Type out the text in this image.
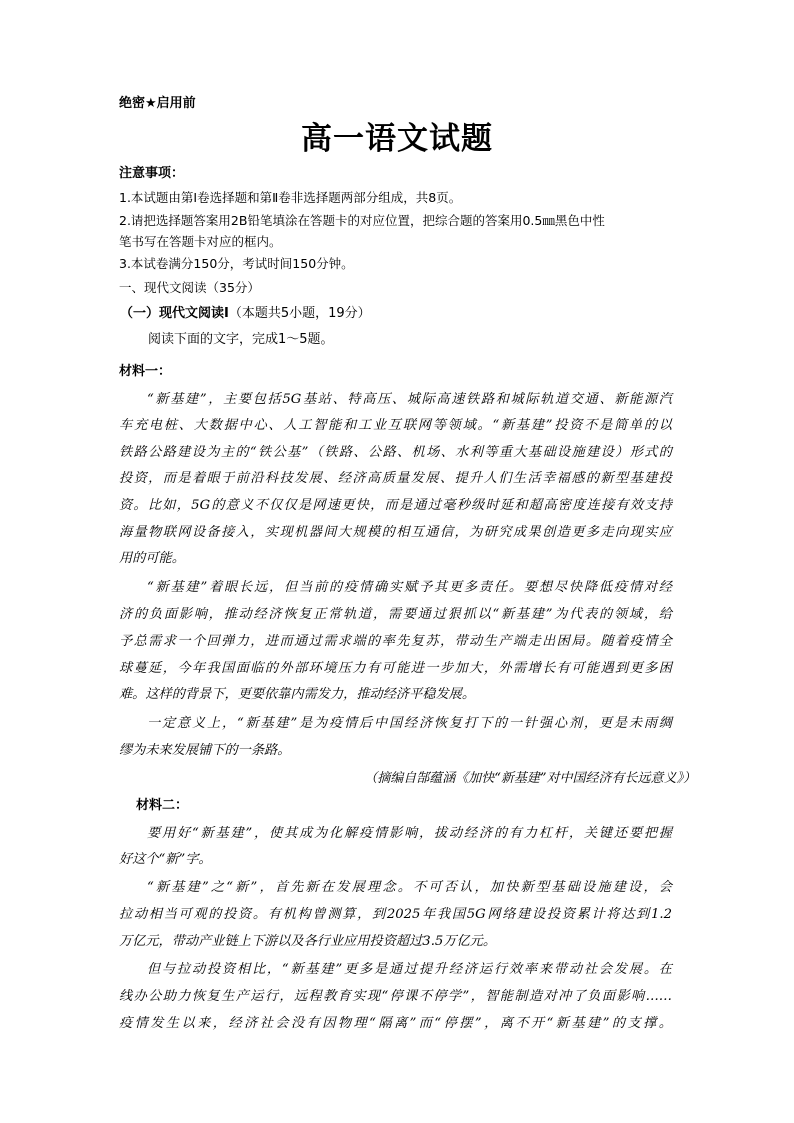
绝密★启用前
高一语文试题
注意事项：
1.本试题由第Ⅰ卷选择题和第Ⅱ卷非选择题两部分组成，共8页。
2.请把选择题答案用2B铅笔填涂在答题卡的对应位置，把综合题的答案用0.5㎜黑色中性
笔书写在答题卡对应的框内。
3.本试卷满分150分，考试时间150分钟。
一、现代文阅读（35分）
（一）现代文阅读Ⅰ（本题共5小题，19分）
阅读下面的文字，完成1～5题。
材料一：
“新基建”，主要包括5G基站、特高压、城际高速铁路和城际轨道交通、新能源汽
车充电桩、大数据中心、人工智能和工业互联网等领域。“新基建”投资不是简单的以
铁路公路建设为主的“铁公基”（铁路、公路、机场、水利等重大基础设施建设）形式的
投资，而是着眼于前沿科技发展、经济高质量发展、提升人们生活幸福感的新型基建投
资。比如，5G的意义不仅仅是网速更快，而是通过毫秒级时延和超高密度连接有效支持
海量物联网设备接入，实现机器间大规模的相互通信，为研究成果创造更多走向现实应
用的可能。
“新基建”着眼长远，但当前的疫情确实赋予其更多责任。要想尽快降低疫情对经
济的负面影响，推动经济恢复正常轨道，需要通过狠抓以“新基建”为代表的领域，给
予总需求一个回弹力，进而通过需求端的率先复苏，带动生产端走出困局。随着疫情全
球蔓延，今年我国面临的外部环境压力有可能进一步加大，外需增长有可能遇到更多困
难。这样的背景下，更要依靠内需发力，推动经济平稳发展。
一定意义上，“新基建”是为疫情后中国经济恢复打下的一针强心剂，更是未雨绸
缪为未来发展铺下的一条路。
（摘编自郜蕴涵《加快“新基建”对中国经济有长远意义》）
材料二：
要用好“新基建”，使其成为化解疫情影响，拔动经济的有力杠杆，关键还要把握
好这个“新”字。
“新基建”之“新”，首先新在发展理念。不可否认，加快新型基础设施建设，会
拉动相当可观的投资。有机构曾测算，到2025年我国5G网络建设投资累计将达到1.2
万亿元，带动产业链上下游以及各行业应用投资超过3.5万亿元。
但与拉动投资相比，“新基建”更多是通过提升经济运行效率来带动社会发展。在
线办公助力恢复生产运行，远程教育实现“停课不停学”，智能制造对冲了负面影响……
疫情发生以来，经济社会没有因物理“隔离”而“停摆”，离不开“新基建”的支撑。
